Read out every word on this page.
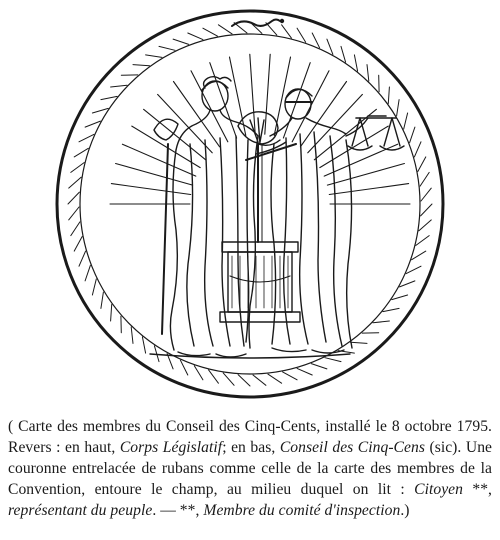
( Carte des membres du Conseil des Cinq-Cents, installé le 8 octobre 1795. Revers : en haut, Corps Législatif; en bas, Conseil des Cinq-Cens (sic). Une couronne entrelacée de rubans comme celle de la carte des membres de la Convention, entoure le champ, au milieu duquel on lit : Citoyen **, représentant du peuple. — **, Membre du comité d'inspection.)
